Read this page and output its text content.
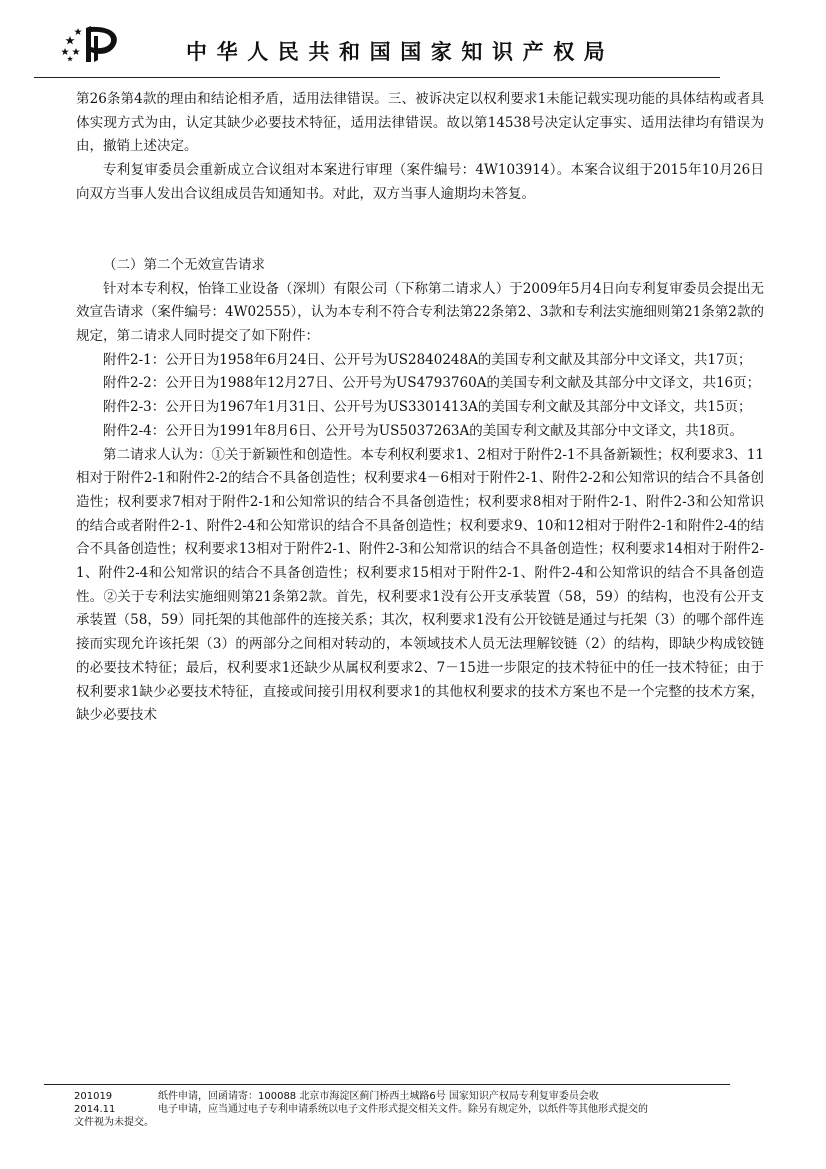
中华人民共和国国家知识产权局

第26条第4款的理由和结论相矛盾，适用法律错误。三、被诉决定以权利要求1未能记载实现功能的具体结构或者具体实现方式为由，认定其缺少必要技术特征，适用法律错误。故以第14538号决定认定事实、适用法律均有错误为由，撤销上述决定。

专利复审委员会重新成立合议组对本案进行审理（案件编号：4W103914）。本案合议组于2015年10月26日向双方当事人发出合议组成员告知通知书。对此，双方当事人逾期均未答复。

（二）第二个无效宣告请求

针对本专利权，怡锋工业设备（深圳）有限公司（下称第二请求人）于2009年5月4日向专利复审委员会提出无效宣告请求（案件编号：4W02555），认为本专利不符合专利法第22条第2、3款和专利法实施细则第21条第2款的规定，第二请求人同时提交了如下附件：

附件2-1：公开日为1958年6月24日、公开号为US2840248A的美国专利文献及其部分中文译文，共17页；

附件2-2：公开日为1988年12月27日、公开号为US4793760A的美国专利文献及其部分中文译文，共16页；

附件2-3：公开日为1967年1月31日、公开号为US3301413A的美国专利文献及其部分中文译文，共15页；

附件2-4：公开日为1991年8月6日、公开号为US5037263A的美国专利文献及其部分中文译文，共18页。

第二请求人认为：①关于新颖性和创造性。本专利权利要求1、2相对于附件2-1不具备新颖性；权利要求3、11相对于附件2-1和附件2-2的结合不具备创造性；权利要求4－6相对于附件2-1、附件2-2和公知常识的结合不具备创造性；权利要求7相对于附件2-1和公知常识的结合不具备创造性；权利要求8相对于附件2-1、附件2-3和公知常识的结合或者附件2-1、附件2-4和公知常识的结合不具备创造性；权利要求9、10和12相对于附件2-1和附件2-4的结合不具备创造性；权利要求13相对于附件2-1、附件2-3和公知常识的结合不具备创造性；权利要求14相对于附件2-1、附件2-4和公知常识的结合不具备创造性；权利要求15相对于附件2-1、附件2-4和公知常识的结合不具备创造性。②关于专利法实施细则第21条第2款。首先，权利要求1没有公开支承装置（58，59）的结构，也没有公开支承装置（58，59）同托架的其他部件的连接关系；其次，权利要求1没有公开铰链是通过与托架（3）的哪个部件连接而实现允许该托架（3）的两部分之间相对转动的，本领域技术人员无法理解铰链（2）的结构，即缺少构成铰链的必要技术特征；最后，权利要求1还缺少从属权利要求2、7－15进一步限定的技术特征中的任一技术特征；由于权利要求1缺少必要技术特征，直接或间接引用权利要求1的其他权利要求的技术方案也不是一个完整的技术方案，缺少必要技术

201019	纸件申请，回函请寄：100088 北京市海淀区蓟门桥西土城路6号 国家知识产权局专利复审委员会收
2014.11	电子申请，应当通过电子专利申请系统以电子文件形式提交相关文件。除另有规定外，以纸件等其他形式提交的
文件视为未提交。
